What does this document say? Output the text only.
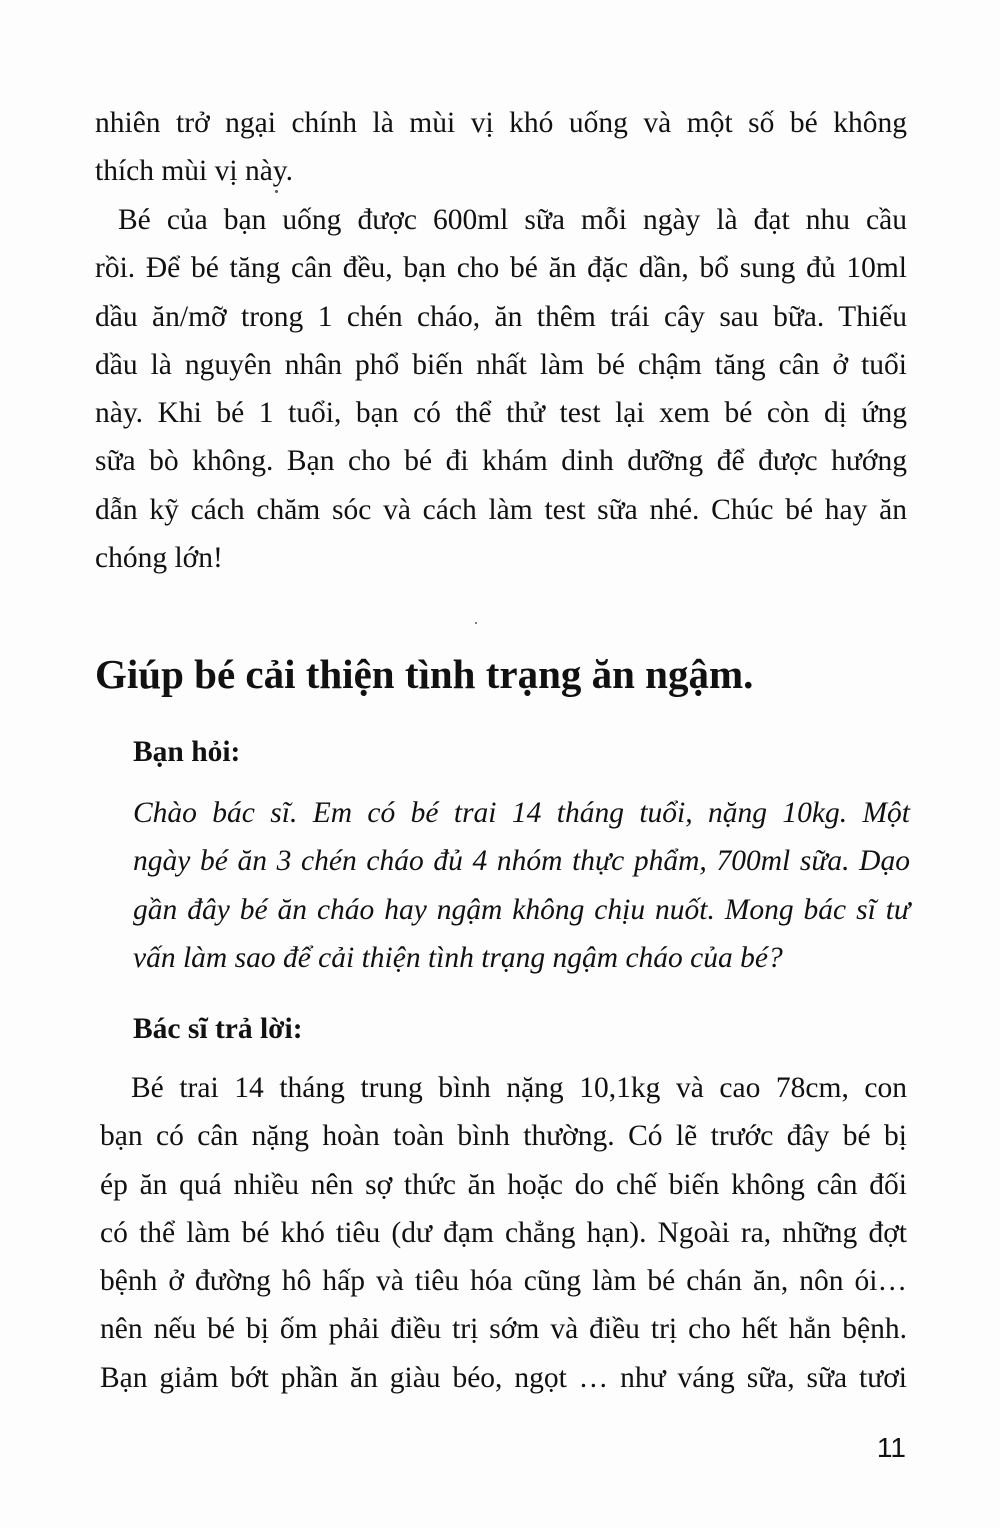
nhiên trở ngại chính là mùi vị khó uống và một số bé không
thích mùi vị này.

Bé của bạn uống được 600ml sữa mỗi ngày là đạt nhu cầu
rồi. Để bé tăng cân đều, bạn cho bé ăn đặc dần, bổ sung đủ 10ml
dầu ăn/mỡ trong 1 chén cháo, ăn thêm trái cây sau bữa. Thiếu
dầu là nguyên nhân phổ biến nhất làm bé chậm tăng cân ở tuổi
này. Khi bé 1 tuổi, bạn có thể thử test lại xem bé còn dị ứng
sữa bò không. Bạn cho bé đi khám dinh dưỡng để được hướng
dẫn kỹ cách chăm sóc và cách làm test sữa nhé. Chúc bé hay ăn
chóng lớn!

Giúp bé cải thiện tình trạng ăn ngậm.

Bạn hỏi:

Chào bác sĩ. Em có bé trai 14 tháng tuổi, nặng 10kg. Một
ngày bé ăn 3 chén cháo đủ 4 nhóm thực phẩm, 700ml sữa. Dạo
gần đây bé ăn cháo hay ngậm không chịu nuốt. Mong bác sĩ tư
vấn làm sao để cải thiện tình trạng ngậm cháo của bé?

Bác sĩ trả lời:

Bé trai 14 tháng trung bình nặng 10,1kg và cao 78cm, con
bạn có cân nặng hoàn toàn bình thường. Có lẽ trước đây bé bị
ép ăn quá nhiều nên sợ thức ăn hoặc do chế biến không cân đối
có thể làm bé khó tiêu (dư đạm chẳng hạn). Ngoài ra, những đợt
bệnh ở đường hô hấp và tiêu hóa cũng làm bé chán ăn, nôn ói…
nên nếu bé bị ốm phải điều trị sớm và điều trị cho hết hẳn bệnh.
Bạn giảm bớt phần ăn giàu béo, ngọt … như váng sữa, sữa tươi

11
